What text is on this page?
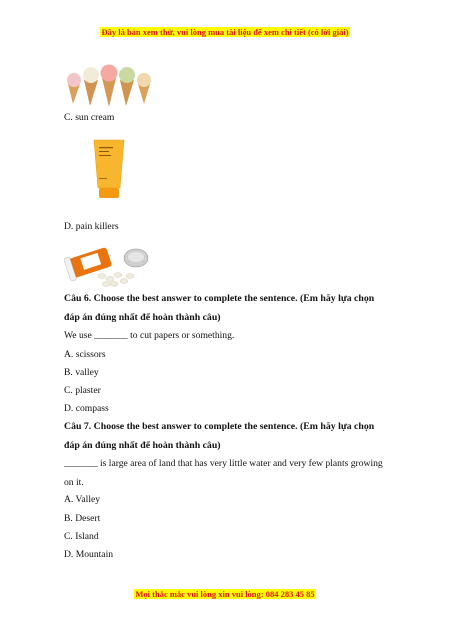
Đây là bản xem thử, vui lòng mua tài liệu để xem chi tiết (có lời giải)
C. sun cream
D. pain killers
Câu 6. Choose the best answer to complete the sentence. (Em hãy lựa chọn
đáp án đúng nhất để hoàn thành câu)
We use _______ to cut papers or something.
A. scissors
B. valley
C. plaster
D. compass
Câu 7. Choose the best answer to complete the sentence. (Em hãy lựa chọn
đáp án đúng nhất để hoàn thành câu)
_______ is large area of land that has very little water and very few plants growing
on it.
A. Valley
B. Desert
C. Island
D. Mountain
Mọi thắc mắc vui lòng xin vui lòng: 084 283 45 85
